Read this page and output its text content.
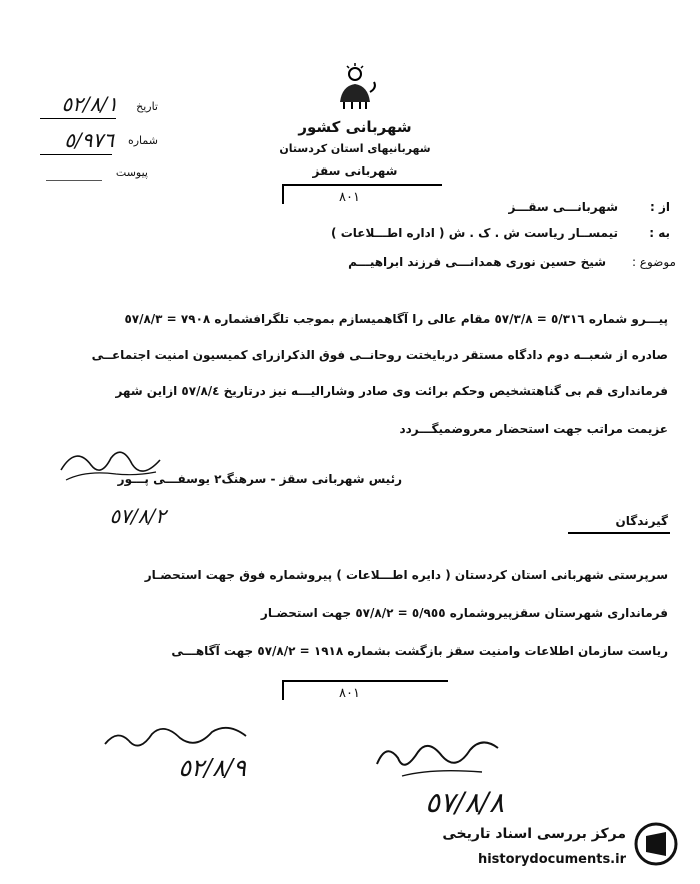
شهربانی کشور
شهربانیهای استان کردستان
شهربانی سقز
تاریخ
٥٢/٨/١
شماره
٥/٩٧٦
پیوست
٨٠١
از :
شهربانـــی سقـــز
به :
تیمســار ریاست ش . ک . ش ( اداره اطـــلاعات )
موضوع :
شیخ حسین نوری همدانـــی فرزند ابراهیـــم
پیـــرو شماره ٥/٣١٦ = ٥٧/٣/٨ مقام عالی را آگاهمیسازم بموجب تلگرافشماره ٧٩٠٨ = ٥٧/٨/٣
صادره از شعبــه دوم دادگاه مستقر دربایختت روحانــی فوق الذکرازرای کمیسیون امنیت اجتماعــی
فرمانداری قم بی گناهتشخیص وحکم برائت وی صادر وشارالیـــه نیز درتاریخ ٥٧/٨/٤ ازاین شهر
عزیمت مراتب جهت استحضار معروضمیگـــردد
رئیس شهربانی سقز - سرهنگ٢ یوسفـــی پـــور
٥٧/٨/٢	گیرندگان
سرپرستی شهربانی استان کردستان ( دایره اطـــلاعات ) پیروشماره فوق جهت استحضـار
فرمانداری شهرستان سقزپیروشماره ٥/٩٥٥ = ٥٧/٨/٢ جهت استحضـار
ریاست سازمان اطلاعات وامنیت سقز بازگشت بشماره ١٩١٨ = ٥٧/٨/٢ جهت آگاهـــی
٨٠١
٥٢/٨/٩
٥٧/٨/٨
مرکز بررسی اسناد تاریخی
historydocuments.ir
